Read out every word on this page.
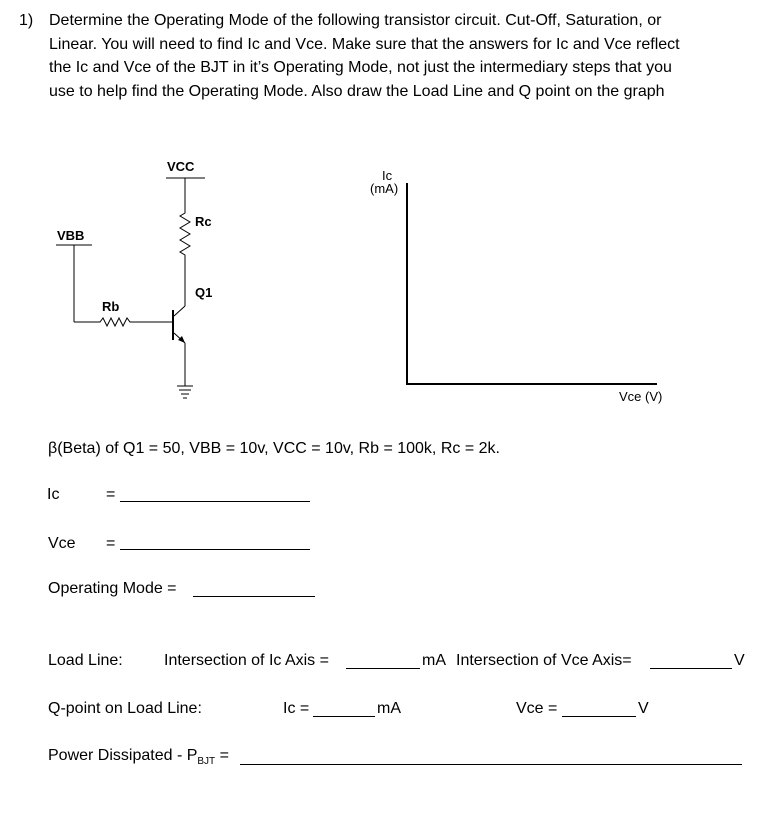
1) Determine the Operating Mode of the following transistor circuit. Cut-Off, Saturation, or
Linear. You will need to find Ic and Vce. Make sure that the answers for Ic and Vce reflect
the Ic and Vce of the BJT in it’s Operating Mode, not just the intermediary steps that you
use to help find the Operating Mode. Also draw the Load Line and Q point on the graph
VCC
Rc
VBB
Q1
Rb
Ic
(mA)
Vce (V)
β(Beta) of Q1 = 50, VBB = 10v, VCC = 10v, Rb = 100k, Rc = 2k.
Ic	=
Vce =
Operating Mode =
Load Line:	Intersection of Ic Axis =	mA Intersection of Vce Axis=	V
Q-point on Load Line:	Ic =	mA	Vce =	V
Power Dissipated - $P_{BJT}$ =
